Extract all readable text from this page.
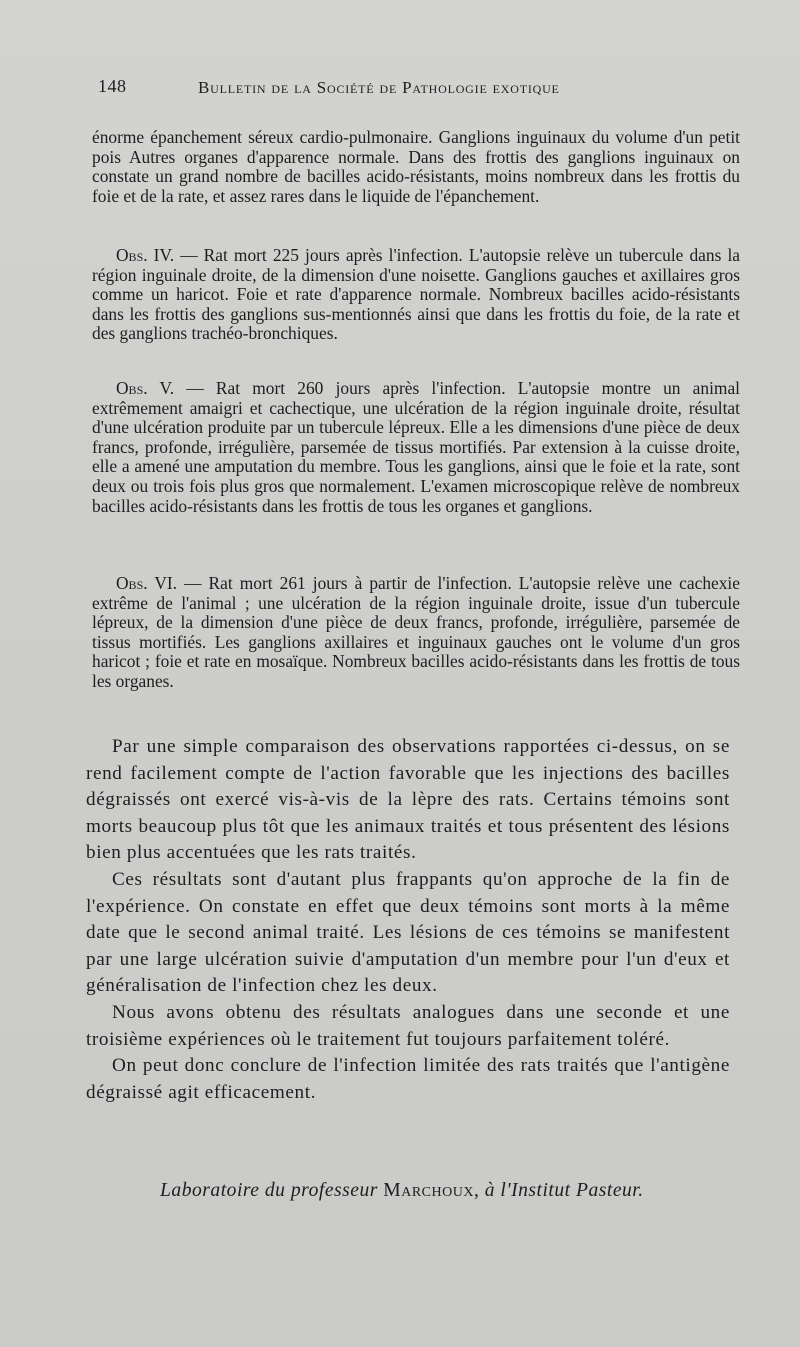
148	Bulletin de la Société de Pathologie exotique

énorme épanchement séreux cardio-pulmonaire. Ganglions inguinaux du volume d'un petit pois Autres organes d'apparence normale. Dans des frottis des ganglions inguinaux on constate un grand nombre de bacilles acido-résistants, moins nombreux dans les frottis du foie et de la rate, et assez rares dans le liquide de l'épanchement.

Obs. IV. — Rat mort 225 jours après l'infection. L'autopsie relève un tubercule dans la région inguinale droite, de la dimension d'une noisette. Ganglions gauches et axillaires gros comme un haricot. Foie et rate d'apparence normale. Nombreux bacilles acido-résistants dans les frottis des ganglions sus-mentionnés ainsi que dans les frottis du foie, de la rate et des ganglions trachéo-bronchiques.

Obs. V. — Rat mort 260 jours après l'infection. L'autopsie montre un animal extrêmement amaigri et cachectique, une ulcération de la région inguinale droite, résultat d'une ulcération produite par un tubercule lépreux. Elle a les dimensions d'une pièce de deux francs, profonde, irrégulière, parsemée de tissus mortifiés. Par extension à la cuisse droite, elle a amené une amputation du membre. Tous les ganglions, ainsi que le foie et la rate, sont deux ou trois fois plus gros que normalement. L'examen microscopique relève de nombreux bacilles acido-résistants dans les frottis de tous les organes et ganglions.

Obs. VI. — Rat mort 261 jours à partir de l'infection. L'autopsie relève une cachexie extrême de l'animal ; une ulcération de la région inguinale droite, issue d'un tubercule lépreux, de la dimension d'une pièce de deux francs, profonde, irrégulière, parsemée de tissus mortifiés. Les ganglions axillaires et inguinaux gauches ont le volume d'un gros haricot ; foie et rate en mosaïque. Nombreux bacilles acido-résistants dans les frottis de tous les organes.

Par une simple comparaison des observations rapportées ci-dessus, on se rend facilement compte de l'action favorable que les injections des bacilles dégraissés ont exercé vis-à-vis de la lèpre des rats. Certains témoins sont morts beaucoup plus tôt que les animaux traités et tous présentent des lésions bien plus accentuées que les rats traités.

Ces résultats sont d'autant plus frappants qu'on approche de la fin de l'expérience. On constate en effet que deux témoins sont morts à la même date que le second animal traité. Les lésions de ces témoins se manifestent par une large ulcération suivie d'amputation d'un membre pour l'un d'eux et généralisation de l'infection chez les deux.

Nous avons obtenu des résultats analogues dans une seconde et une troisième expériences où le traitement fut toujours parfaitement toléré.

On peut donc conclure de l'infection limitée des rats traités que l'antigène dégraissé agit efficacement.

Laboratoire du professeur Marchoux, à l'Institut Pasteur.
